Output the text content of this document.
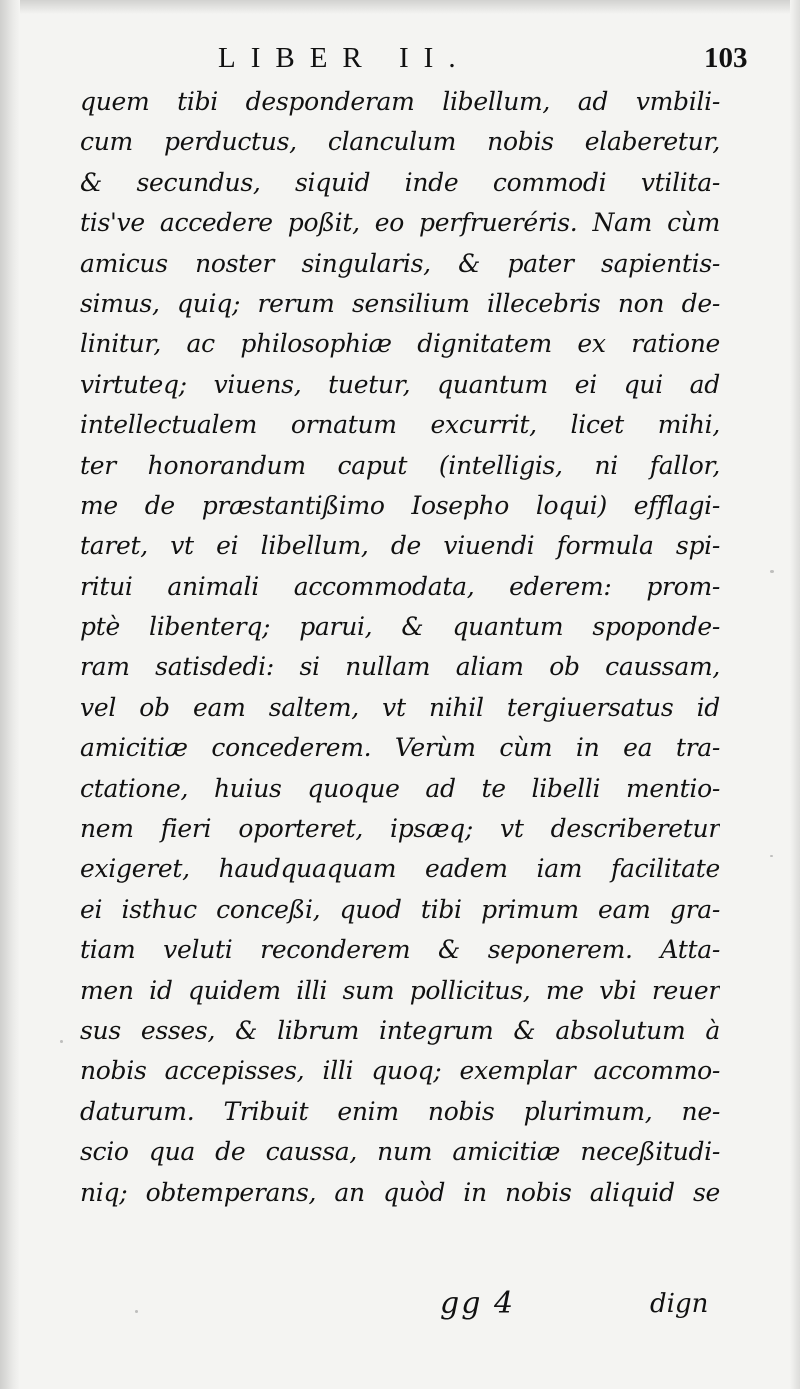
LIBER II.	103
quem tibi desponderam libellum, ad vmbili-
cum perductus, clanculum nobis elaberetur,
& secundus, siquid inde commodi vtilita-
tis've accedere poßit, eo perfrueréris. Nam cùm
amicus noster singularis, & pater sapientis-
simus, quiq; rerum sensilium illecebris non de-
linitur, ac philosophiæ dignitatem ex ratione
virtuteq; viuens, tuetur, quantum ei qui ad
intellectualem ornatum excurrit, licet mihi,
ter honorandum caput (intelligis, ni fallor,
me de præstantißimo Iosepho loqui) efflagi-
taret, vt ei libellum, de viuendi formula spi-
ritui animali accommodata, ederem: prom-
ptè libenterq; parui, & quantum spoponde-
ram satisdedi: si nullam aliam ob caussam,
vel ob eam saltem, vt nihil tergiuersatus id
amicitiæ concederem. Verùm cùm in ea tra-
ctatione, huius quoque ad te libelli mentio-
nem fieri oporteret, ipsæq; vt describeretur
exigeret, haudquaquam eadem iam facilitate
ei isthuc conceßi, quod tibi primum eam gra-
tiam veluti reconderem & seponerem. Atta-
men id quidem illi sum pollicitus, me vbi reuer
sus esses, & librum integrum & absolutum à
nobis accepisses, illi quoq; exemplar accommo-
daturum. Tribuit enim nobis plurimum, ne-
scio qua de caussa, num amicitiæ neceßitudi-
niq; obtemperans, an quòd in nobis aliquid se
gg 4	dign
